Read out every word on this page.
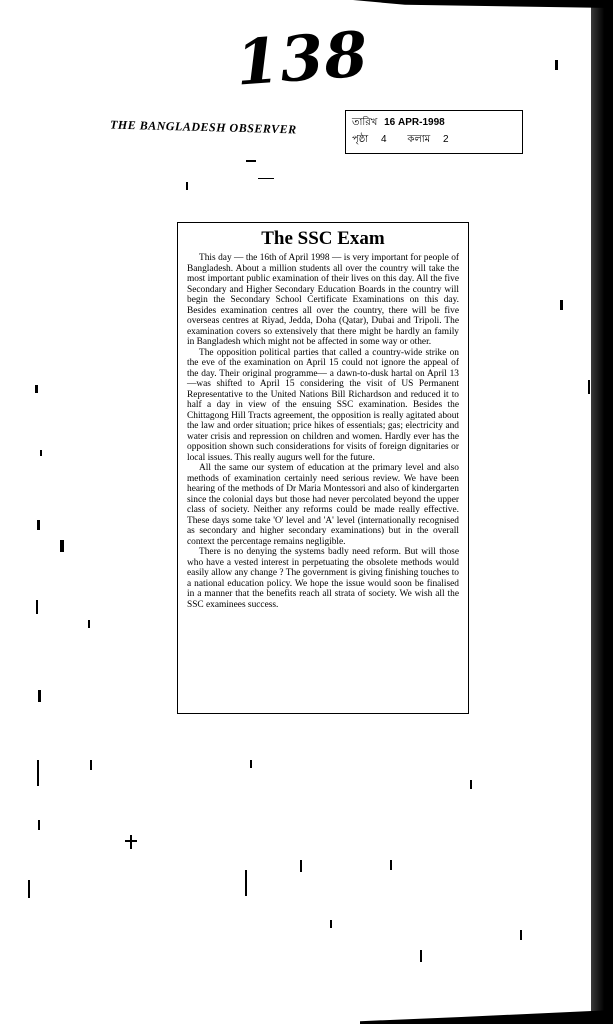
138
THE BANGLADESH OBSERVER	তারিখ 16 APR-1998
পৃষ্ঠা 4 কলাম 2
The SSC Exam

This day — the 16th of April 1998 — is very important for people of Bangladesh. About a million students all over the country will take the most important public examination of their lives on this day. All the five Secondary and Higher Secondary Education Boards in the country will begin the Secondary School Certificate Examinations on this day. Besides examination centres all over the country, there will be five overseas centres at Riyad, Jedda, Doha (Qatar), Dubai and Tripoli. The examination covers so extensively that there might be hardly an family in Bangladesh which might not be affected in some way or other.

The opposition political parties that called a country-wide strike on the eve of the examination on April 15 could not ignore the appeal of the day. Their original programme— a dawn-to-dusk hartal on April 13—was shifted to April 15 considering the visit of US Permanent Representative to the United Nations Bill Richardson and reduced it to half a day in view of the ensuing SSC examination. Besides the Chittagong Hill Tracts agreement, the opposition is really agitated about the law and order situation; price hikes of essentials; gas; electricity and water crisis and repression on children and women. Hardly ever has the opposition shown such considerations for visits of foreign dignitaries or local issues. This really augurs well for the future.

All the same our system of education at the primary level and also methods of examination certainly need serious review. We have been hearing of the methods of Dr Maria Montessori and also of kindergarten since the colonial days but those had never percolated beyond the upper class of society. Neither any reforms could be made really effective. These days some take 'O' level and 'A' level (internationally recognised as secondary and higher secondary examinations) but in the overall context the percentage remains negligible.

There is no denying the systems badly need reform. But will those who have a vested interest in perpetuating the obsolete methods would easily allow any change ? The government is giving finishing touches to a national education policy. We hope the issue would soon be finalised in a manner that the benefits reach all strata of society. We wish all the SSC examinees success.
